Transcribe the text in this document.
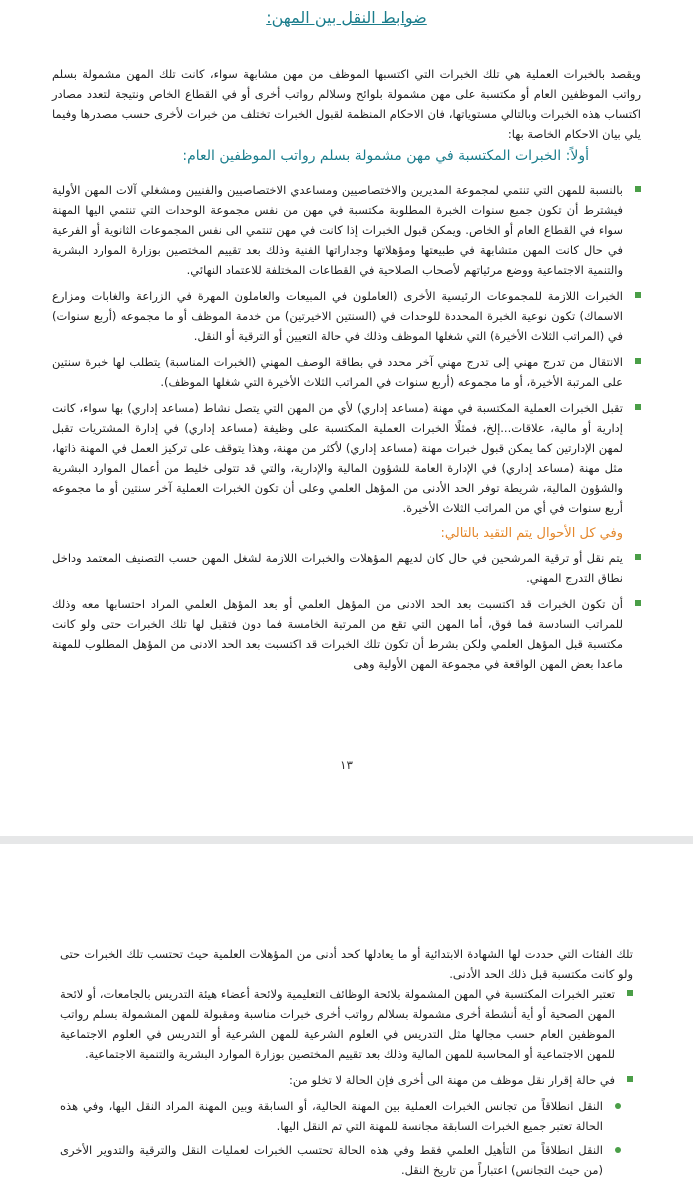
ضوابط النقل بين المهن:

ويقصد بالخبرات العملية هي تلك الخبرات التي اكتسبها الموظف من مهن مشابهة سواء، كانت تلك المهن مشمولة بسلم رواتب الموظفين العام أو مكتسبة على مهن مشمولة بلوائح وسلالم رواتب أخرى أو في القطاع الخاص ونتيجة لتعدد مصادر اكتساب هذه الخبرات وبالتالي مستوياتها، فان الاحكام المنظمة لقبول الخبرات تختلف من خبرات لأخرى حسب مصدرها وفيما يلي بيان الاحكام الخاصة بها:

أولاً: الخبرات المكتسبة في مهن مشمولة بسلم رواتب الموظفين العام:

بالنسبة للمهن التي تنتمي لمجموعة المديرين والاختصاصيين ومساعدي الاختصاصيين والفنيين ومشغلي آلات المهن الأولية فيشترط أن تكون جميع سنوات الخبرة المطلوبة مكتسبة في مهن من نفس مجموعة الوحدات التي تنتمي اليها المهنة سواء في القطاع العام أو الخاص. ويمكن قبول الخبرات إذا كانت في مهن تنتمي الى نفس المجموعات الثانوية أو الفرعية في حال كانت المهن متشابهة في طبيعتها ومؤهلاتها وجداراتها الفنية وذلك بعد تقييم المختصين بوزارة الموارد البشرية والتنمية الاجتماعية ووضع مرئياتهم لأصحاب الصلاحية في القطاعات المختلفة للاعتماد النهائي.
الخبرات اللازمة للمجموعات الرئيسية الأخرى (العاملون في المبيعات والعاملون المهرة في الزراعة والغابات ومزارع الاسماك) تكون نوعية الخبرة المحددة للوحدات في (السنتين الاخيرتين) من خدمة الموظف أو ما مجموعه (أربع سنوات) في (المراتب الثلاث الأخيرة) التي شغلها الموظف وذلك في حالة التعيين أو الترقية أو النقل.
الانتقال من تدرج مهني إلى تدرج مهني آخر محدد في بطاقة الوصف المهني (الخبرات المناسبة) يتطلب لها خبرة سنتين على المرتبة الأخيرة، أو ما مجموعه (أربع سنوات في المراتب الثلاث الأخيرة التي شغلها الموظف).
تقبل الخبرات العملية المكتسبة في مهنة (مساعد إداري) لأي من المهن التي يتصل نشاط (مساعد إداري) بها سواء، كانت إدارية أو مالية، علاقات...إلخ، فمثلًا الخبرات العملية المكتسبة على وظيفة (مساعد إداري) في إدارة المشتريات تقبل لمهن الإدارتين كما يمكن قبول خبرات مهنة (مساعد إداري) لأكثر من مهنة، وهذا يتوقف على تركيز العمل في المهنة ذاتها، مثل مهنة (مساعد إداري) في الإدارة العامة للشؤون المالية والإدارية، والتي قد تتولى خليط من أعمال الموارد البشرية والشؤون المالية، شريطة توفر الحد الأدنى من المؤهل العلمي وعلى أن تكون الخبرات العملية آخر سنتين أو ما مجموعه أربع سنوات في أي من المراتب الثلاث الأخيرة.

وفي كل الأحوال يتم التقيد بالتالي:

يتم نقل أو ترقية المرشحين في حال كان لديهم المؤهلات والخبرات اللازمة لشغل المهن حسب التصنيف المعتمد وداخل نطاق التدرج المهني.
أن تكون الخبرات قد اكتسبت بعد الحد الادنى من المؤهل العلمي أو بعد المؤهل العلمي المراد احتسابها معه وذلك للمراتب السادسة فما فوق، أما المهن التي تقع من المرتبة الخامسة فما دون فتقبل لها تلك الخبرات حتى ولو كانت مكتسبة قبل المؤهل العلمي ولكن بشرط أن تكون تلك الخبرات قد اكتسبت بعد الحد الادنى من المؤهل المطلوب للمهنة ماعدا بعض المهن الواقعة في مجموعة المهن الأولية وهى
١٣

تلك الفئات التي حددت لها الشهادة الابتدائية أو ما يعادلها كحد أدنى من المؤهلات العلمية حيث تحتسب تلك الخبرات حتى ولو كانت مكتسبة قبل ذلك الحد الأدنى.

تعتبر الخبرات المكتسبة في المهن المشمولة بلائحة الوظائف التعليمية ولائحة أعضاء هيئة التدريس بالجامعات، أو لائحة المهن الصحية أو أية أنشطة أخرى مشمولة بسلالم رواتب أخرى خبرات مناسبة ومقبولة للمهن المشمولة بسلم رواتب الموظفين العام حسب مجالها مثل التدريس في العلوم الشرعية للمهن الشرعية أو التدريس في العلوم الاجتماعية للمهن الاجتماعية أو المحاسبة للمهن المالية وذلك بعد تقييم المختصين بوزارة الموارد البشرية والتنمية الاجتماعية.
في حالة إقرار نقل موظف من مهنة الى أخرى فإن الحالة لا تخلو من:
النقل انطلاقاً من تجانس الخبرات العملية بين المهنة الحالية، أو السابقة وبين المهنة المراد النقل اليها، وفي هذه الحالة تعتبر جميع الخبرات السابقة مجانسة للمهنة التي تم النقل اليها.
النقل انطلاقاً من التأهيل العلمي فقط وفي هذه الحالة تحتسب الخبرات لعمليات النقل والترقية والتدوير الأخرى (من حيث التجانس) اعتباراً من تاريخ النقل.
